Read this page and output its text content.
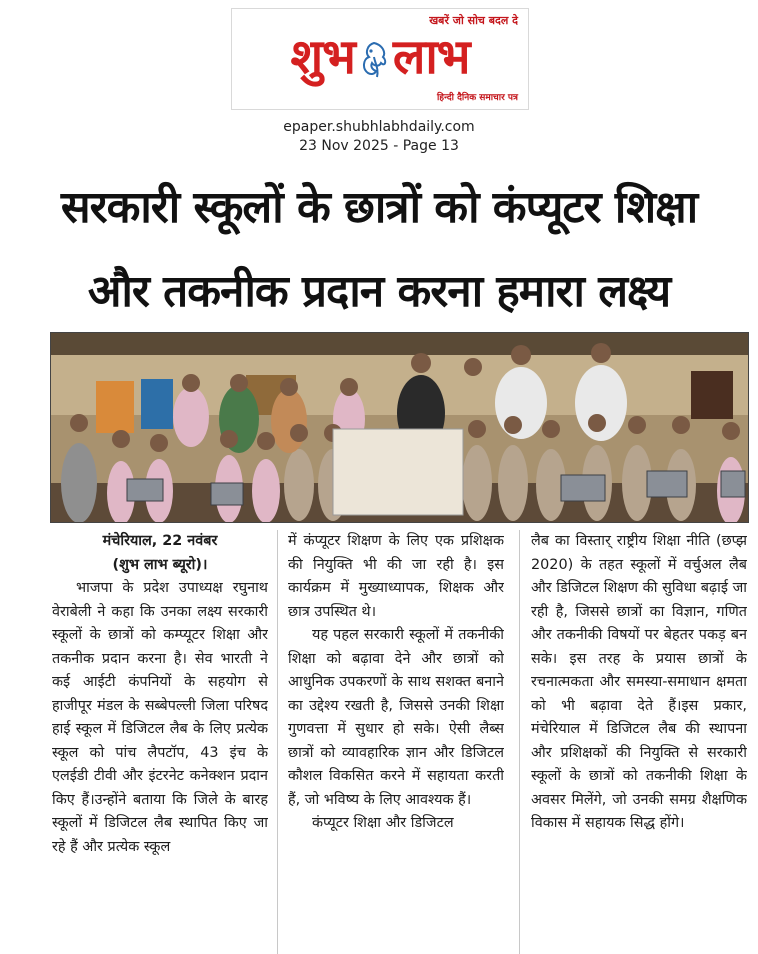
खबरें जो सोच बदल दे
शुभ लाभ
हिन्दी दैनिक समाचार पत्र
epaper.shubhlabhdaily.com
23 Nov 2025 - Page 13
सरकारी स्कूलों के छात्रों को कंप्यूटर शिक्षा
और तकनीक प्रदान करना हमारा लक्ष्य
मंचेरियाल, 22 नवंबर
(शुभ लाभ ब्यूरो)।

भाजपा के प्रदेश उपाध्यक्ष रघुनाथ वेराबेली ने कहा कि उनका लक्ष्य सरकारी स्कूलों के छात्रों को कम्प्यूटर शिक्षा और तकनीक प्रदान करना है। सेव भारती ने कई आईटी कंपनियों के सहयोग से हाजीपूर मंडल के सब्बेपल्ली जिला परिषद हाई स्कूल में डिजिटल लैब के लिए प्रत्येक स्कूल को पांच लैपटॉप, 43 इंच के एलईडी टीवी और इंटरनेट कनेक्शन प्रदान किए हैं।उन्होंने बताया कि जिले के बारह स्कूलों में डिजिटल लैब स्थापित किए जा रहे हैं और प्रत्येक स्कूल

में कंप्यूटर शिक्षण के लिए एक प्रशिक्षक की नियुक्ति भी की जा रही है। इस कार्यक्रम में मुख्याध्यापक, शिक्षक और छात्र उपस्थित थे।

यह पहल सरकारी स्कूलों में तकनीकी शिक्षा को बढ़ावा देने और छात्रों को आधुनिक उपकरणों के साथ सशक्त बनाने का उद्देश्य रखती है, जिससे उनकी शिक्षा गुणवत्ता में सुधार हो सके। ऐसी लैब्स छात्रों को व्यावहारिक ज्ञान और डिजिटल कौशल विकसित करने में सहायता करती हैं, जो भविष्य के लिए आवश्यक हैं।

कंप्यूटर शिक्षा और डिजिटल

लैब का विस्तार् राष्ट्रीय शिक्षा नीति (छप्झ 2020) के तहत स्कूलों में वर्चुअल लैब और डिजिटल शिक्षण की सुविधा बढ़ाई जा रही है, जिससे छात्रों का विज्ञान, गणित और तकनीकी विषयों पर बेहतर पकड़ बन सके। इस तरह के प्रयास छात्रों के रचनात्मकता और समस्या-समाधान क्षमता को भी बढ़ावा देते हैं।इस प्रकार, मंचेरियाल में डिजिटल लैब की स्थापना और प्रशिक्षकों की नियुक्ति से सरकारी स्कूलों के छात्रों को तकनीकी शिक्षा के अवसर मिलेंगे, जो उनकी समग्र शैक्षणिक विकास में सहायक सिद्ध होंगे।
